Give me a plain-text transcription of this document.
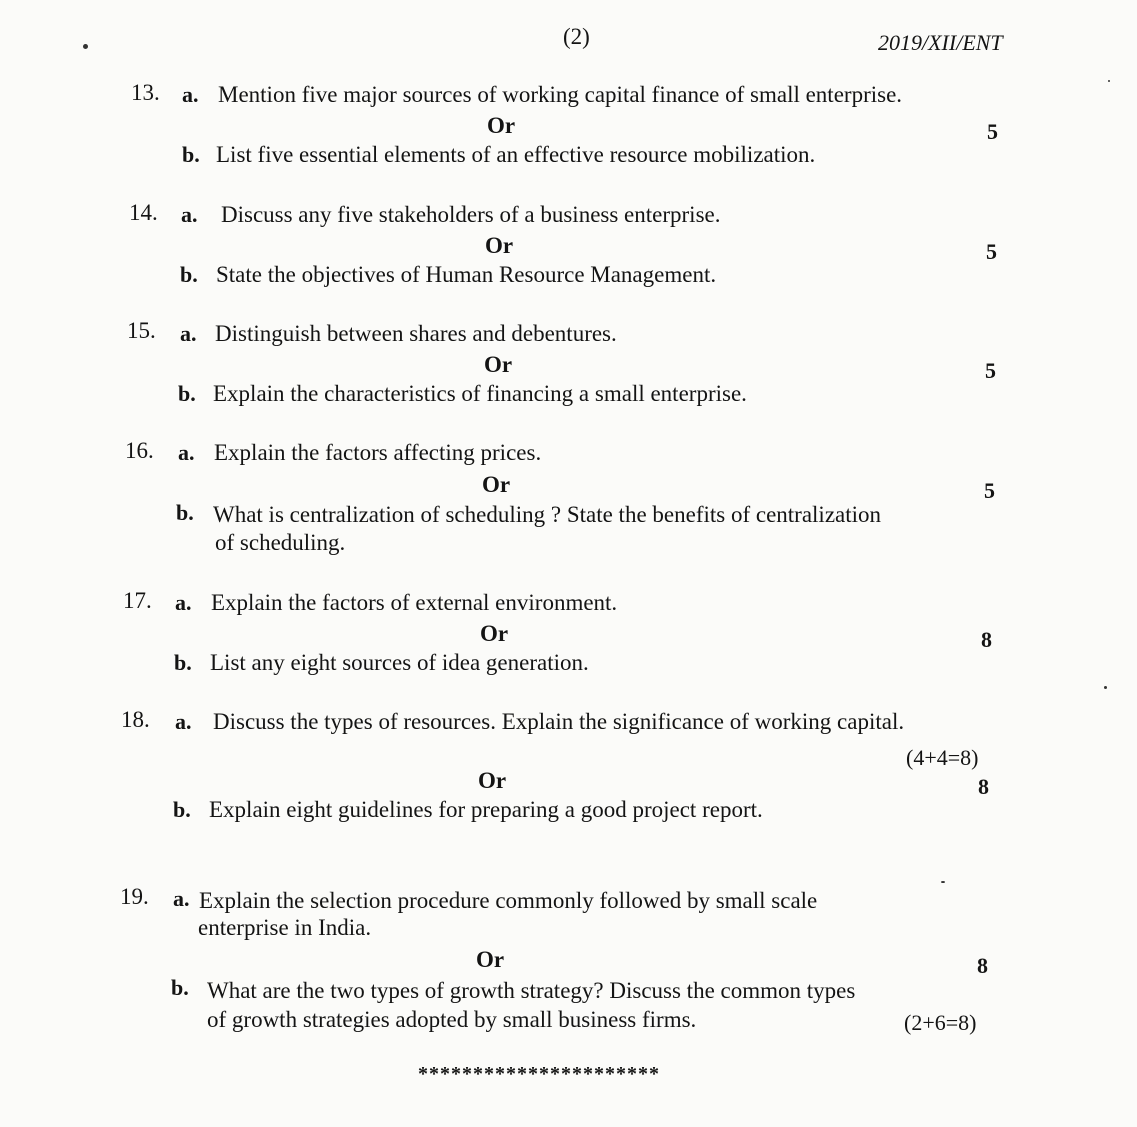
(2)	2019/XII/ENT
13. a. Mention five major sources of working capital finance of small enterprise.
Or	5
b. List five essential elements of an effective resource mobilization.
14. a. Discuss any five stakeholders of a business enterprise.
Or	5
b. State the objectives of Human Resource Management.
15. a. Distinguish between shares and debentures.
Or	5
b. Explain the characteristics of financing a small enterprise.
16. a. Explain the factors affecting prices.
Or	5
b. What is centralization of scheduling ? State the benefits of centralization
of scheduling.
17. a. Explain the factors of external environment.
Or	8
b. List any eight sources of idea generation.
18. a. Discuss the types of resources. Explain the significance of working capital.
(4+4=8)
Or	8
b. Explain eight guidelines for preparing a good project report.
19. a. Explain the selection procedure commonly followed by small scale
enterprise in India.
Or	8
b. What are the two types of growth strategy? Discuss the common types
of growth strategies adopted by small business firms.	(2+6=8)
**********************
